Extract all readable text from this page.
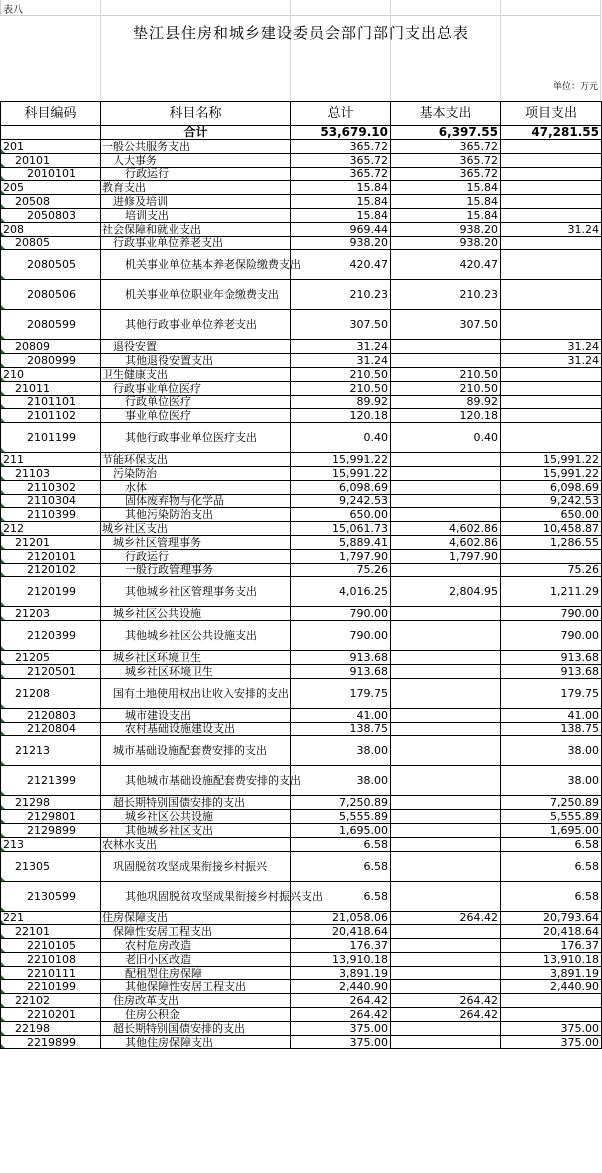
表八
垫江县住房和城乡建设委员会部门部门支出总表
单位：万元
科目编码	科目名称	总计	基本支出	项目支出
	合计	53,679.10	6,397.55	47,281.55
201	一般公共服务支出	365.72	365.72	
20101	人大事务	365.72	365.72	
2010101	行政运行	365.72	365.72	
205	教育支出	15.84	15.84	
20508	进修及培训	15.84	15.84	
2050803	培训支出	15.84	15.84	
208	社会保障和就业支出	969.44	938.20	31.24
20805	行政事业单位养老支出	938.20	938.20	
2080505	机关事业单位基本养老保险缴费支出	420.47	420.47	
2080506	机关事业单位职业年金缴费支出	210.23	210.23	
2080599	其他行政事业单位养老支出	307.50	307.50	
20809	退役安置	31.24		31.24
2080999	其他退役安置支出	31.24		31.24
210	卫生健康支出	210.50	210.50	
21011	行政事业单位医疗	210.50	210.50	
2101101	行政单位医疗	89.92	89.92	
2101102	事业单位医疗	120.18	120.18	
2101199	其他行政事业单位医疗支出	0.40	0.40	
211	节能环保支出	15,991.22		15,991.22
21103	污染防治	15,991.22		15,991.22
2110302	水体	6,098.69		6,098.69
2110304	固体废弃物与化学品	9,242.53		9,242.53
2110399	其他污染防治支出	650.00		650.00
212	城乡社区支出	15,061.73	4,602.86	10,458.87
21201	城乡社区管理事务	5,889.41	4,602.86	1,286.55
2120101	行政运行	1,797.90	1,797.90	
2120102	一般行政管理事务	75.26		75.26
2120199	其他城乡社区管理事务支出	4,016.25	2,804.95	1,211.29
21203	城乡社区公共设施	790.00		790.00
2120399	其他城乡社区公共设施支出	790.00		790.00
21205	城乡社区环境卫生	913.68		913.68
2120501	城乡社区环境卫生	913.68		913.68
21208	国有土地使用权出让收入安排的支出	179.75		179.75
2120803	城市建设支出	41.00		41.00
2120804	农村基础设施建设支出	138.75		138.75
21213	城市基础设施配套费安排的支出	38.00		38.00
2121399	其他城市基础设施配套费安排的支出	38.00		38.00
21298	超长期特别国债安排的支出	7,250.89		7,250.89
2129801	城乡社区公共设施	5,555.89		5,555.89
2129899	其他城乡社区支出	1,695.00		1,695.00
213	农林水支出	6.58		6.58
21305	巩固脱贫攻坚成果衔接乡村振兴	6.58		6.58
2130599	其他巩固脱贫攻坚成果衔接乡村振兴支出	6.58		6.58
221	住房保障支出	21,058.06	264.42	20,793.64
22101	保障性安居工程支出	20,418.64		20,418.64
2210105	农村危房改造	176.37		176.37
2210108	老旧小区改造	13,910.18		13,910.18
2210111	配租型住房保障	3,891.19		3,891.19
2210199	其他保障性安居工程支出	2,440.90		2,440.90
22102	住房改革支出	264.42	264.42	
2210201	住房公积金	264.42	264.42	
22198	超长期特别国债安排的支出	375.00		375.00
2219899	其他住房保障支出	375.00		375.00
